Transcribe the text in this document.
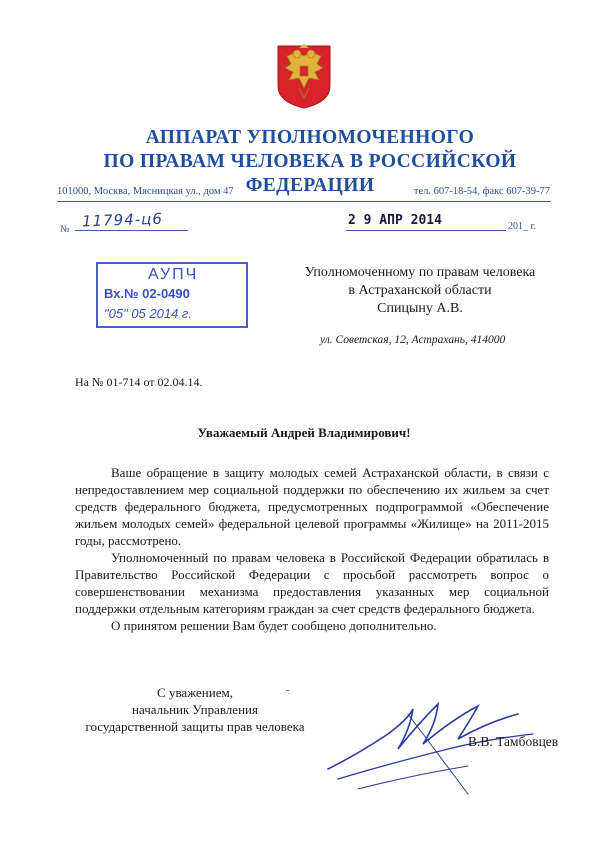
АППАРАТ УПОЛНОМОЧЕННОГО
ПО ПРАВАМ ЧЕЛОВЕКА В РОССИЙСКОЙ ФЕДЕРАЦИИ
101000, Москва, Мясницкая ул., дом 47	тел. 607-18-54, факс 607-39-77
№ 11794-ц6	2 9 АПР 2014	201_ г.
АУПЧ
Вх.№ 02-0490
"05" 05 2014 г.
Уполномоченному по правам человека
в Астраханской области
Спицыну А.В.
ул. Советская, 12, Астрахань, 414000
На № 01-714 от 02.04.14.
Уважаемый Андрей Владимирович!

Ваше обращение в защиту молодых семей Астраханской области, в связи с непредоставлением мер социальной поддержки по обеспечению их жильем за счет средств федерального бюджета, предусмотренных подпрограммой «Обеспечение жильем молодых семей» федеральной целевой программы «Жилище» на 2011-2015 годы, рассмотрено.

Уполномоченный по правам человека в Российской Федерации обратилась в Правительство Российской Федерации с просьбой рассмотреть вопрос о совершенствовании механизма предоставления указанных мер социальной поддержки отдельным категориям граждан за счет средств федерального бюджета.

О принятом решении Вам будет сообщено дополнительно.

С уважением,
начальник Управления
государственной защиты прав человека
-
В.В. Тамбовцев
